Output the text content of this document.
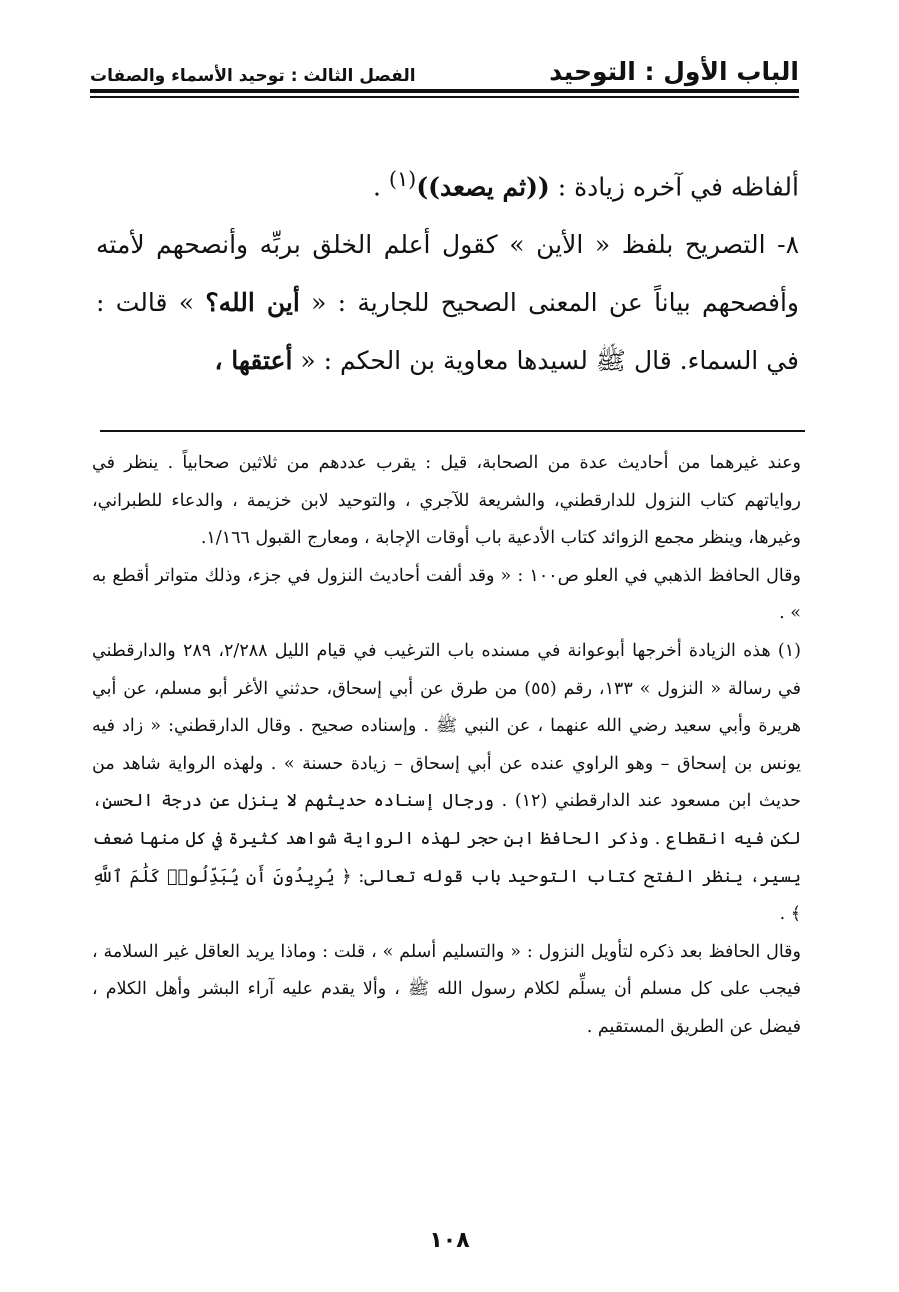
الباب الأول : التوحيد
الفصل الثالث : توحيد الأسماء والصفات

ألفاظه في آخره زيادة : ((ثم يصعد))$^{(١)}$ .

٨- التصريح بلفظ « الأين » كقول أعلم الخلق بربِّه وأنصحهم لأمته وأفصحهم بياناً عن المعنى الصحيح للجارية : « أين الله؟ » قالت : في السماء. قال ﷺ لسيدها معاوية بن الحكم : « أعتقها ،

وعند غيرهما من أحاديث عدة من الصحابة، قيل : يقرب عددهم من ثلاثين صحابياً . ينظر في رواياتهم كتاب النزول للدارقطني، والشريعة للآجري ، والتوحيد لابن خزيمة ، والدعاء للطبراني، وغيرها، وينظر مجمع الزوائد كتاب الأدعية باب أوقات الإجابة ، ومعارج القبول ١/١٦٦.

وقال الحافظ الذهبي في العلو ص١٠٠ : « وقد ألفت أحاديث النزول في جزء، وذلك متواتر أقطع به » .

(١) هذه الزيادة أخرجها أبوعوانة في مسنده باب الترغيب في قيام الليل ٢/٢٨٨، ٢٨٩ والدارقطني في رسالة « النزول » ١٣٣، رقم (٥٥) من طرق عن أبي إسحاق، حدثني الأغر أبو مسلم، عن أبي هريرة وأبي سعيد رضي الله عنهما ، عن النبي ﷺ . وإسناده صحيح . وقال الدارقطني: « زاد فيه يونس بن إسحاق – وهو الراوي عنده عن أبي إسحاق – زيادة حسنة » . ولهذه الرواية شاهد من حديث ابن مسعود عند الدارقطني (١٢) . ورجال إسناده حديثهم لا ينزل عن درجة الحسن، لكن فيه انقطاع . وذكر الحافظ ابن حجر لهذه الرواية شواهد كثيرة في كل منها ضعف يسير، ينظر الفتح كتاب التوحيد باب قوله تعالى: ﴿ يُرِيدُونَ أَن يُبَدِّلُوا۟ كَلَٰمَ ٱللَّهِ ﴾ .

وقال الحافظ بعد ذكره لتأويل النزول : « والتسليم أسلم » ، قلت : وماذا يريد العاقل غير السلامة ، فيجب على كل مسلم أن يسلِّم لكلام رسول الله ﷺ ، وألا يقدم عليه آراء البشر وأهل الكلام ، فيضل عن الطريق المستقيم .

١٠٨
